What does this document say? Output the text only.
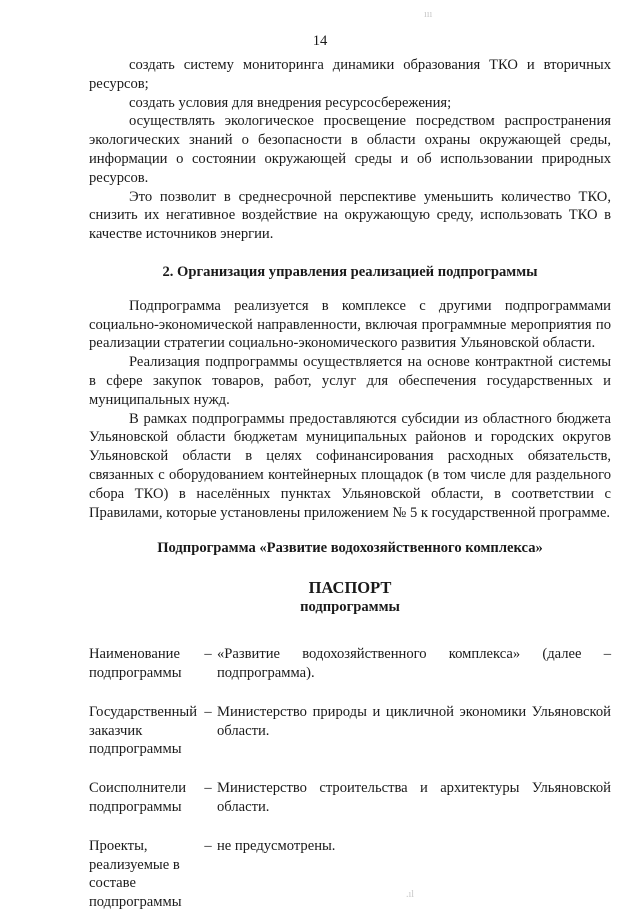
ııı
14

создать систему мониторинга динамики образования ТКО и вторичных ресурсов;

создать условия для внедрения ресурсосбережения;

осуществлять экологическое просвещение посредством распространения экологических знаний о безопасности в области охраны окружающей среды, информации о состоянии окружающей среды и об использовании природных ресурсов.

Это позволит в среднесрочной перспективе уменьшить количество ТКО, снизить их негативное воздействие на окружающую среду, использовать ТКО в качестве источников энергии.

2. Организация управления реализацией подпрограммы

Подпрограмма реализуется в комплексе с другими подпрограммами социально-экономической направленности, включая программные мероприятия по реализации стратегии социально-экономического развития Ульяновской области.

Реализация подпрограммы осуществляется на основе контрактной системы в сфере закупок товаров, работ, услуг для обеспечения государственных и муниципальных нужд.

В рамках подпрограммы предоставляются субсидии из областного бюджета Ульяновской области бюджетам муниципальных районов и городских округов Ульяновской области в целях софинансирования расходных обязательств, связанных с оборудованием контейнерных площадок (в том числе для раздельного сбора ТКО) в населённых пунктах Ульяновской области, в соответствии с Правилами, которые установлены приложением № 5 к государственной программе.

Подпрограмма «Развитие водохозяйственного комплекса»
ПАСПОРТ
подпрограммы
Наименование подпрограммы	–	«Развитие водохозяйственного комплекса» (далее – подпрограмма).

Государственный заказчик подпрограммы	–	Министерство природы и цикличной экономики Ульяновской области.

Соисполнители подпрограммы	–	Министерство строительства и архитектуры Ульяновской области.

Проекты, реализуемые в составе подпрограммы	–	не предусмотрены.
.ıl
